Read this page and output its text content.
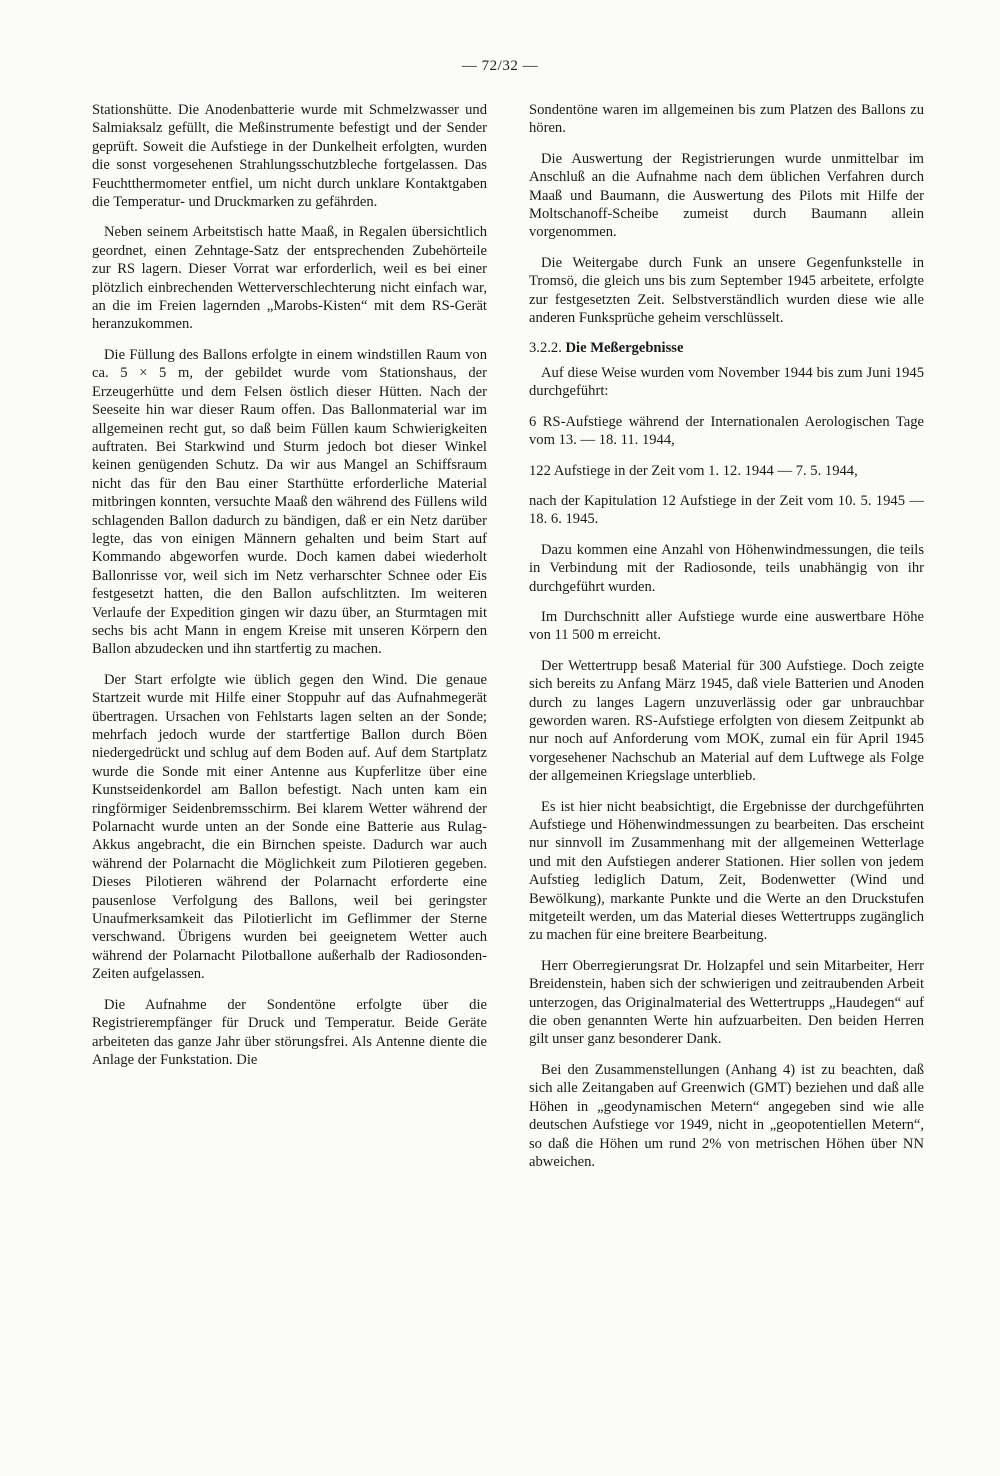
— 72/32 —

Stationshütte. Die Anodenbatterie wurde mit Schmelzwasser und Salmiaksalz gefüllt, die Meßinstrumente befestigt und der Sender geprüft. Soweit die Aufstiege in der Dunkelheit erfolgten, wurden die sonst vorgesehenen Strahlungsschutzbleche fortgelassen. Das Feuchtthermometer entfiel, um nicht durch unklare Kontaktgaben die Temperatur- und Druckmarken zu gefährden.

Neben seinem Arbeitstisch hatte Maaß, in Regalen übersichtlich geordnet, einen Zehntage-Satz der entsprechenden Zubehörteile zur RS lagern. Dieser Vorrat war erforderlich, weil es bei einer plötzlich einbrechenden Wetterverschlechterung nicht einfach war, an die im Freien lagernden „Marobs-Kisten“ mit dem RS-Gerät heranzukommen.

Die Füllung des Ballons erfolgte in einem windstillen Raum von ca. 5 × 5 m, der gebildet wurde vom Stationshaus, der Erzeugerhütte und dem Felsen östlich dieser Hütten. Nach der Seeseite hin war dieser Raum offen. Das Ballonmaterial war im allgemeinen recht gut, so daß beim Füllen kaum Schwierigkeiten auftraten. Bei Starkwind und Sturm jedoch bot dieser Winkel keinen genügenden Schutz. Da wir aus Mangel an Schiffsraum nicht das für den Bau einer Starthütte erforderliche Material mitbringen konnten, versuchte Maaß den während des Füllens wild schlagenden Ballon dadurch zu bändigen, daß er ein Netz darüber legte, das von einigen Männern gehalten und beim Start auf Kommando abgeworfen wurde. Doch kamen dabei wiederholt Ballonrisse vor, weil sich im Netz verharschter Schnee oder Eis festgesetzt hatten, die den Ballon aufschlitzten. Im weiteren Verlaufe der Expedition gingen wir dazu über, an Sturmtagen mit sechs bis acht Mann in engem Kreise mit unseren Körpern den Ballon abzudecken und ihn startfertig zu machen.

Der Start erfolgte wie üblich gegen den Wind. Die genaue Startzeit wurde mit Hilfe einer Stoppuhr auf das Aufnahmegerät übertragen. Ursachen von Fehlstarts lagen selten an der Sonde; mehrfach jedoch wurde der startfertige Ballon durch Böen niedergedrückt und schlug auf dem Boden auf. Auf dem Startplatz wurde die Sonde mit einer Antenne aus Kupferlitze über eine Kunstseidenkordel am Ballon befestigt. Nach unten kam ein ringförmiger Seidenbremsschirm. Bei klarem Wetter während der Polarnacht wurde unten an der Sonde eine Batterie aus Rulag-Akkus angebracht, die ein Birnchen speiste. Dadurch war auch während der Polarnacht die Möglichkeit zum Pilotieren gegeben. Dieses Pilotieren während der Polarnacht erforderte eine pausenlose Verfolgung des Ballons, weil bei geringster Unaufmerksamkeit das Pilotierlicht im Geflimmer der Sterne verschwand. Übrigens wurden bei geeignetem Wetter auch während der Polarnacht Pilotballone außerhalb der Radiosonden-Zeiten aufgelassen.

Die Aufnahme der Sondentöne erfolgte über die Registrierempfänger für Druck und Temperatur. Beide Geräte arbeiteten das ganze Jahr über störungsfrei. Als Antenne diente die Anlage der Funkstation. Die

Sondentöne waren im allgemeinen bis zum Platzen des Ballons zu hören.

Die Auswertung der Registrierungen wurde unmittelbar im Anschluß an die Aufnahme nach dem üblichen Verfahren durch Maaß und Baumann, die Auswertung des Pilots mit Hilfe der Moltschanoff-Scheibe zumeist durch Baumann allein vorgenommen.

Die Weitergabe durch Funk an unsere Gegenfunkstelle in Tromsö, die gleich uns bis zum September 1945 arbeitete, erfolgte zur festgesetzten Zeit. Selbstverständlich wurden diese wie alle anderen Funksprüche geheim verschlüsselt.

3.2.2. Die Meßergebnisse

Auf diese Weise wurden vom November 1944 bis zum Juni 1945 durchgeführt:

6 RS-Aufstiege während der Internationalen Aerologischen Tage vom 13. — 18. 11. 1944,

122 Aufstiege in der Zeit vom 1. 12. 1944 — 7. 5. 1944,

nach der Kapitulation 12 Aufstiege in der Zeit vom 10. 5. 1945 — 18. 6. 1945.

Dazu kommen eine Anzahl von Höhenwindmessungen, die teils in Verbindung mit der Radiosonde, teils unabhängig von ihr durchgeführt wurden.

Im Durchschnitt aller Aufstiege wurde eine auswertbare Höhe von 11 500 m erreicht.

Der Wettertrupp besaß Material für 300 Aufstiege. Doch zeigte sich bereits zu Anfang März 1945, daß viele Batterien und Anoden durch zu langes Lagern unzuverlässig oder gar unbrauchbar geworden waren. RS-Aufstiege erfolgten von diesem Zeitpunkt ab nur noch auf Anforderung vom MOK, zumal ein für April 1945 vorgesehener Nachschub an Material auf dem Luftwege als Folge der allgemeinen Kriegslage unterblieb.

Es ist hier nicht beabsichtigt, die Ergebnisse der durchgeführten Aufstiege und Höhenwindmessungen zu bearbeiten. Das erscheint nur sinnvoll im Zusammenhang mit der allgemeinen Wetterlage und mit den Aufstiegen anderer Stationen. Hier sollen von jedem Aufstieg lediglich Datum, Zeit, Bodenwetter (Wind und Bewölkung), markante Punkte und die Werte an den Druckstufen mitgeteilt werden, um das Material dieses Wettertrupps zugänglich zu machen für eine breitere Bearbeitung.

Herr Oberregierungsrat Dr. Holzapfel und sein Mitarbeiter, Herr Breidenstein, haben sich der schwierigen und zeitraubenden Arbeit unterzogen, das Originalmaterial des Wettertrupps „Haudegen“ auf die oben genannten Werte hin aufzuarbeiten. Den beiden Herren gilt unser ganz besonderer Dank.

Bei den Zusammenstellungen (Anhang 4) ist zu beachten, daß sich alle Zeitangaben auf Greenwich (GMT) beziehen und daß alle Höhen in „geodynamischen Metern“ angegeben sind wie alle deutschen Aufstiege vor 1949, nicht in „geopotentiellen Metern“, so daß die Höhen um rund 2% von metrischen Höhen über NN abweichen.
